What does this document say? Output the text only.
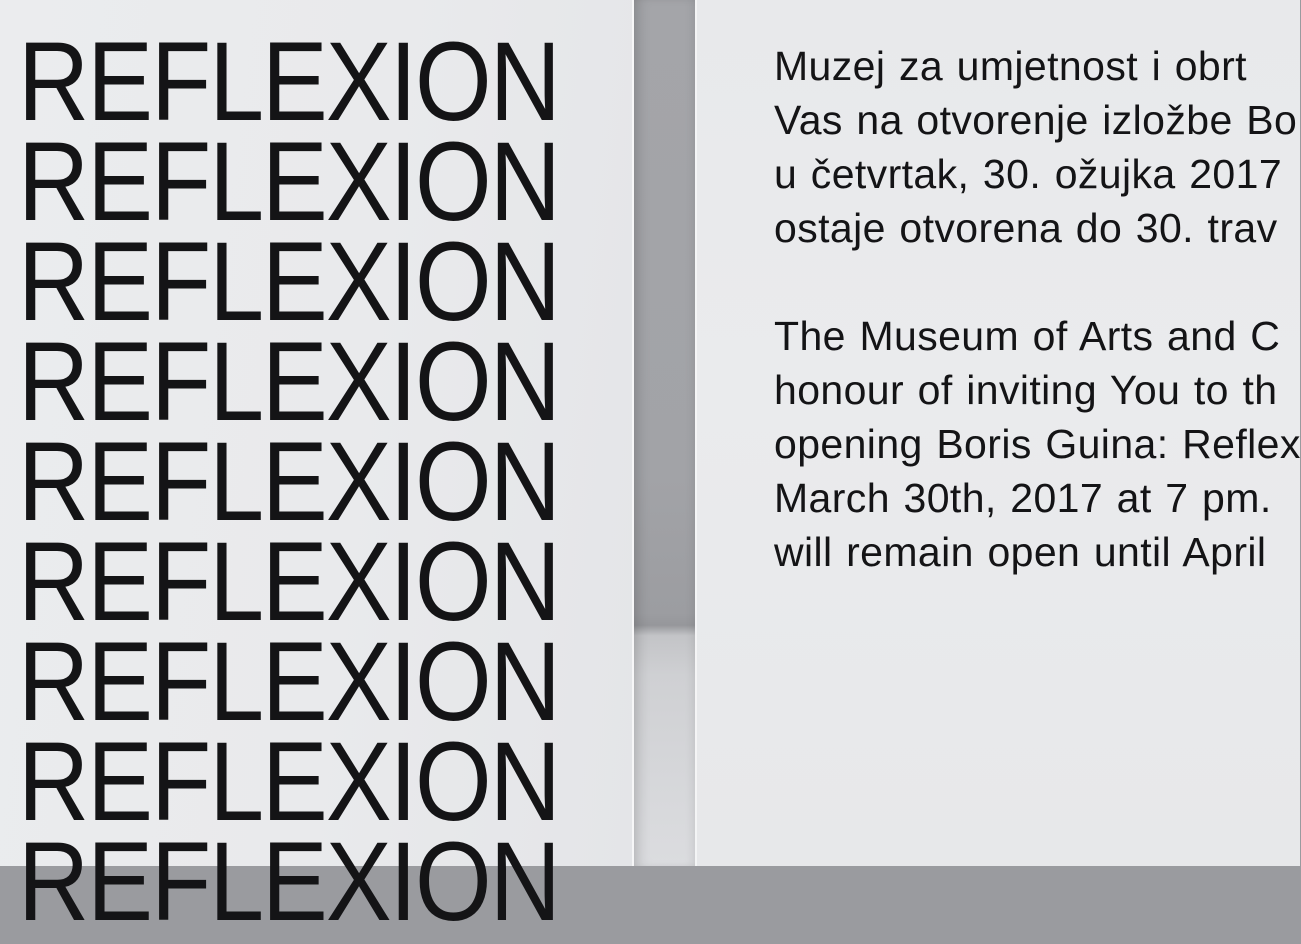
REFLEXION
REFLEXION
REFLEXION
REFLEXION
REFLEXION
REFLEXION
REFLEXION
REFLEXION
REFLEXION
Muzej za umjetnost i obrt
Vas na otvorenje izložbe Bo
u četvrtak, 30. ožujka 2017
ostaje otvorena do 30. trav
The Museum of Arts and C
honour of inviting You to th
opening Boris Guina: Reflex
March 30th, 2017 at 7 pm.
will remain open until April
